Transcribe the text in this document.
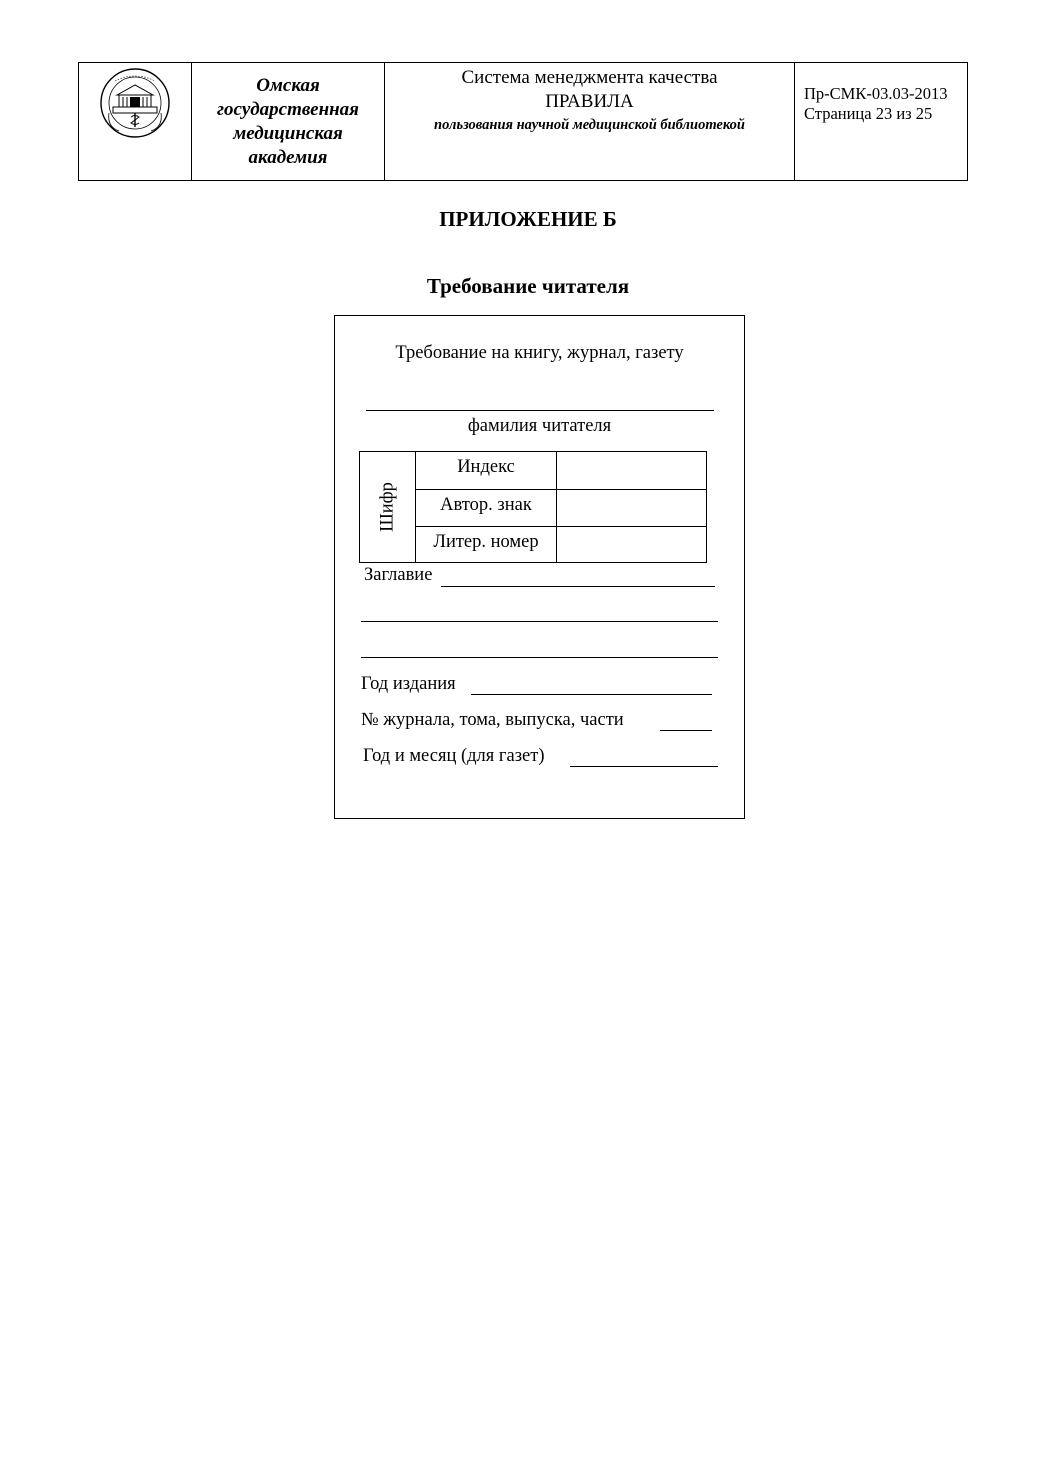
Омская
государственная
медицинская
академия
Система менеджмента качества
ПРАВИЛА
пользования научной медицинской библиотекой
Пр-СМК-03.03-2013
Страница 23 из 25
ПРИЛОЖЕНИЕ Б
Требование читателя
Требование на книгу, журнал, газету
фамилия читателя
Шифр
Индекс
Автор. знак
Литер. номер
Заглавие
Год издания
№ журнала, тома, выпуска, части
Год и месяц (для газет)
